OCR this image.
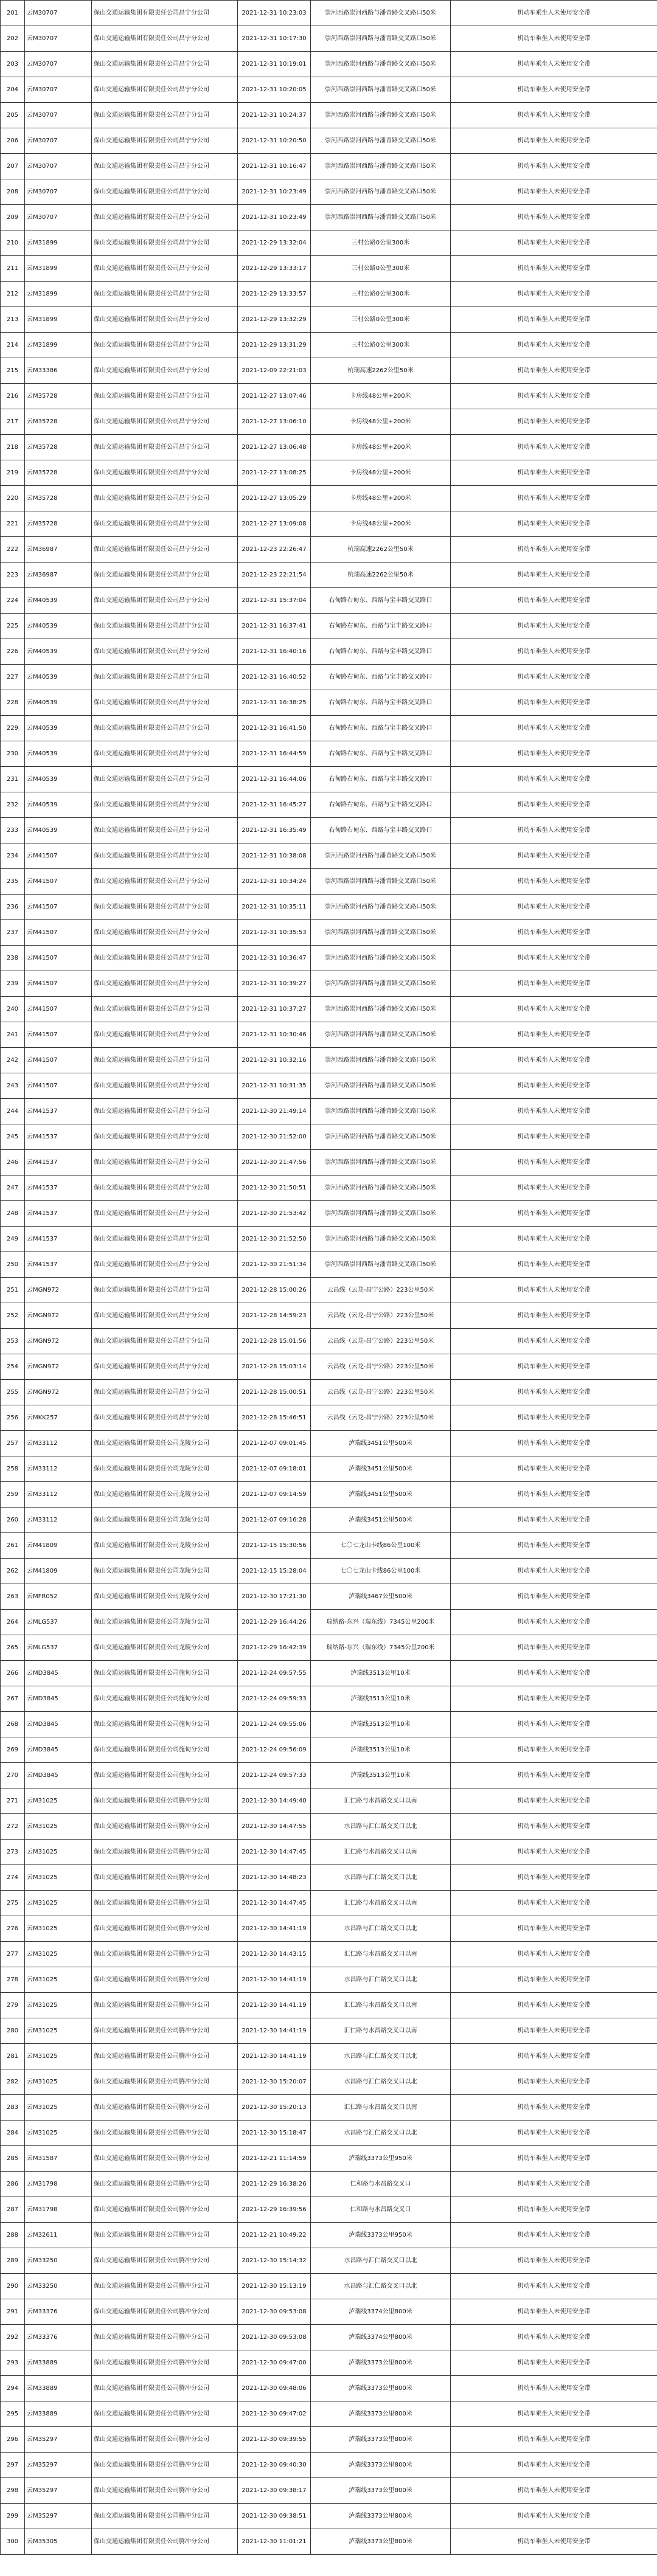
201	云M30707	保山交通运输集团有限责任公司昌宁分公司	2021-12-31 10:23:03	崇河西路崇河西路与潘青路交叉路口50米	机动车乘坐人未使用安全带
202	云M30707	保山交通运输集团有限责任公司昌宁分公司	2021-12-31 10:17:30	崇河西路崇河西路与潘青路交叉路口50米	机动车乘坐人未使用安全带
203	云M30707	保山交通运输集团有限责任公司昌宁分公司	2021-12-31 10:19:01	崇河西路崇河西路与潘青路交叉路口50米	机动车乘坐人未使用安全带
204	云M30707	保山交通运输集团有限责任公司昌宁分公司	2021-12-31 10:20:05	崇河西路崇河西路与潘青路交叉路口50米	机动车乘坐人未使用安全带
205	云M30707	保山交通运输集团有限责任公司昌宁分公司	2021-12-31 10:24:37	崇河西路崇河西路与潘青路交叉路口50米	机动车乘坐人未使用安全带
206	云M30707	保山交通运输集团有限责任公司昌宁分公司	2021-12-31 10:20:50	崇河西路崇河西路与潘青路交叉路口50米	机动车乘坐人未使用安全带
207	云M30707	保山交通运输集团有限责任公司昌宁分公司	2021-12-31 10:16:47	崇河西路崇河西路与潘青路交叉路口50米	机动车乘坐人未使用安全带
208	云M30707	保山交通运输集团有限责任公司昌宁分公司	2021-12-31 10:23:49	崇河西路崇河西路与潘青路交叉路口50米	机动车乘坐人未使用安全带
209	云M30707	保山交通运输集团有限责任公司昌宁分公司	2021-12-31 10:23:49	崇河西路崇河西路与潘青路交叉路口50米	机动车乘坐人未使用安全带
210	云M31899	保山交通运输集团有限责任公司昌宁分公司	2021-12-29 13:32:04	三村公路0公里300米	机动车乘坐人未使用安全带
211	云M31899	保山交通运输集团有限责任公司昌宁分公司	2021-12-29 13:33:17	三村公路0公里300米	机动车乘坐人未使用安全带
212	云M31899	保山交通运输集团有限责任公司昌宁分公司	2021-12-29 13:33:57	三村公路0公里300米	机动车乘坐人未使用安全带
213	云M31899	保山交通运输集团有限责任公司昌宁分公司	2021-12-29 13:32:29	三村公路0公里300米	机动车乘坐人未使用安全带
214	云M31899	保山交通运输集团有限责任公司昌宁分公司	2021-12-29 13:31:29	三村公路0公里300米	机动车乘坐人未使用安全带
215	云M33386	保山交通运输集团有限责任公司昌宁分公司	2021-12-09 22:21:03	杭瑞高速2262公里50米	机动车乘坐人未使用安全带
216	云M35728	保山交通运输集团有限责任公司昌宁分公司	2021-12-27 13:07:46	卡房线48公里+200米	机动车乘坐人未使用安全带
217	云M35728	保山交通运输集团有限责任公司昌宁分公司	2021-12-27 13:06:10	卡房线48公里+200米	机动车乘坐人未使用安全带
218	云M35728	保山交通运输集团有限责任公司昌宁分公司	2021-12-27 13:06:48	卡房线48公里+200米	机动车乘坐人未使用安全带
219	云M35728	保山交通运输集团有限责任公司昌宁分公司	2021-12-27 13:08:25	卡房线48公里+200米	机动车乘坐人未使用安全带
220	云M35728	保山交通运输集团有限责任公司昌宁分公司	2021-12-27 13:05:29	卡房线48公里+200米	机动车乘坐人未使用安全带
221	云M35728	保山交通运输集团有限责任公司昌宁分公司	2021-12-27 13:09:08	卡房线48公里+200米	机动车乘坐人未使用安全带
222	云M36987	保山交通运输集团有限责任公司昌宁分公司	2021-12-23 22:26:47	杭瑞高速2262公里50米	机动车乘坐人未使用安全带
223	云M36987	保山交通运输集团有限责任公司昌宁分公司	2021-12-23 22:21:54	杭瑞高速2262公里50米	机动车乘坐人未使用安全带
224	云M40539	保山交通运输集团有限责任公司昌宁分公司	2021-12-31 15:37:04	右甸路右甸东、西路与宝丰路交叉路口	机动车乘坐人未使用安全带
225	云M40539	保山交通运输集团有限责任公司昌宁分公司	2021-12-31 16:37:41	右甸路右甸东、西路与宝丰路交叉路口	机动车乘坐人未使用安全带
226	云M40539	保山交通运输集团有限责任公司昌宁分公司	2021-12-31 16:40:16	右甸路右甸东、西路与宝丰路交叉路口	机动车乘坐人未使用安全带
227	云M40539	保山交通运输集团有限责任公司昌宁分公司	2021-12-31 16:40:52	右甸路右甸东、西路与宝丰路交叉路口	机动车乘坐人未使用安全带
228	云M40539	保山交通运输集团有限责任公司昌宁分公司	2021-12-31 16:38:25	右甸路右甸东、西路与宝丰路交叉路口	机动车乘坐人未使用安全带
229	云M40539	保山交通运输集团有限责任公司昌宁分公司	2021-12-31 16:41:50	右甸路右甸东、西路与宝丰路交叉路口	机动车乘坐人未使用安全带
230	云M40539	保山交通运输集团有限责任公司昌宁分公司	2021-12-31 16:44:59	右甸路右甸东、西路与宝丰路交叉路口	机动车乘坐人未使用安全带
231	云M40539	保山交通运输集团有限责任公司昌宁分公司	2021-12-31 16:44:06	右甸路右甸东、西路与宝丰路交叉路口	机动车乘坐人未使用安全带
232	云M40539	保山交通运输集团有限责任公司昌宁分公司	2021-12-31 16:45:27	右甸路右甸东、西路与宝丰路交叉路口	机动车乘坐人未使用安全带
233	云M40539	保山交通运输集团有限责任公司昌宁分公司	2021-12-31 16:35:49	右甸路右甸东、西路与宝丰路交叉路口	机动车乘坐人未使用安全带
234	云M41507	保山交通运输集团有限责任公司昌宁分公司	2021-12-31 10:38:08	崇河西路崇河西路与潘青路交叉路口50米	机动车乘坐人未使用安全带
235	云M41507	保山交通运输集团有限责任公司昌宁分公司	2021-12-31 10:34:24	崇河西路崇河西路与潘青路交叉路口50米	机动车乘坐人未使用安全带
236	云M41507	保山交通运输集团有限责任公司昌宁分公司	2021-12-31 10:35:11	崇河西路崇河西路与潘青路交叉路口50米	机动车乘坐人未使用安全带
237	云M41507	保山交通运输集团有限责任公司昌宁分公司	2021-12-31 10:35:53	崇河西路崇河西路与潘青路交叉路口50米	机动车乘坐人未使用安全带
238	云M41507	保山交通运输集团有限责任公司昌宁分公司	2021-12-31 10:36:47	崇河西路崇河西路与潘青路交叉路口50米	机动车乘坐人未使用安全带
239	云M41507	保山交通运输集团有限责任公司昌宁分公司	2021-12-31 10:39:27	崇河西路崇河西路与潘青路交叉路口50米	机动车乘坐人未使用安全带
240	云M41507	保山交通运输集团有限责任公司昌宁分公司	2021-12-31 10:37:27	崇河西路崇河西路与潘青路交叉路口50米	机动车乘坐人未使用安全带
241	云M41507	保山交通运输集团有限责任公司昌宁分公司	2021-12-31 10:30:46	崇河西路崇河西路与潘青路交叉路口50米	机动车乘坐人未使用安全带
242	云M41507	保山交通运输集团有限责任公司昌宁分公司	2021-12-31 10:32:16	崇河西路崇河西路与潘青路交叉路口50米	机动车乘坐人未使用安全带
243	云M41507	保山交通运输集团有限责任公司昌宁分公司	2021-12-31 10:31:35	崇河西路崇河西路与潘青路交叉路口50米	机动车乘坐人未使用安全带
244	云M41537	保山交通运输集团有限责任公司昌宁分公司	2021-12-30 21:49:14	崇河西路崇河西路与潘青路交叉路口50米	机动车乘坐人未使用安全带
245	云M41537	保山交通运输集团有限责任公司昌宁分公司	2021-12-30 21:52:00	崇河西路崇河西路与潘青路交叉路口50米	机动车乘坐人未使用安全带
246	云M41537	保山交通运输集团有限责任公司昌宁分公司	2021-12-30 21:47:56	崇河西路崇河西路与潘青路交叉路口50米	机动车乘坐人未使用安全带
247	云M41537	保山交通运输集团有限责任公司昌宁分公司	2021-12-30 21:50:51	崇河西路崇河西路与潘青路交叉路口50米	机动车乘坐人未使用安全带
248	云M41537	保山交通运输集团有限责任公司昌宁分公司	2021-12-30 21:53:42	崇河西路崇河西路与潘青路交叉路口50米	机动车乘坐人未使用安全带
249	云M41537	保山交通运输集团有限责任公司昌宁分公司	2021-12-30 21:52:50	崇河西路崇河西路与潘青路交叉路口50米	机动车乘坐人未使用安全带
250	云M41537	保山交通运输集团有限责任公司昌宁分公司	2021-12-30 21:51:34	崇河西路崇河西路与潘青路交叉路口50米	机动车乘坐人未使用安全带
251	云MGN972	保山交通运输集团有限责任公司昌宁分公司	2021-12-28 15:00:26	云昌线（云龙-昌宁公路）223公里50米	机动车乘坐人未使用安全带
252	云MGN972	保山交通运输集团有限责任公司昌宁分公司	2021-12-28 14:59:23	云昌线（云龙-昌宁公路）223公里50米	机动车乘坐人未使用安全带
253	云MGN972	保山交通运输集团有限责任公司昌宁分公司	2021-12-28 15:01:56	云昌线（云龙-昌宁公路）223公里50米	机动车乘坐人未使用安全带
254	云MGN972	保山交通运输集团有限责任公司昌宁分公司	2021-12-28 15:03:14	云昌线（云龙-昌宁公路）223公里50米	机动车乘坐人未使用安全带
255	云MGN972	保山交通运输集团有限责任公司昌宁分公司	2021-12-28 15:00:51	云昌线（云龙-昌宁公路）223公里50米	机动车乘坐人未使用安全带
256	云MKK257	保山交通运输集团有限责任公司昌宁分公司	2021-12-28 15:46:51	云昌线（云龙-昌宁公路）223公里50米	机动车乘坐人未使用安全带
257	云M33112	保山交通运输集团有限责任公司龙陵分公司	2021-12-07 09:01:45	泸瑞线3451公里500米	机动车乘坐人未使用安全带
258	云M33112	保山交通运输集团有限责任公司龙陵分公司	2021-12-07 09:18:01	泸瑞线3451公里500米	机动车乘坐人未使用安全带
259	云M33112	保山交通运输集团有限责任公司龙陵分公司	2021-12-07 09:14:59	泸瑞线3451公里500米	机动车乘坐人未使用安全带
260	云M33112	保山交通运输集团有限责任公司龙陵分公司	2021-12-07 09:16:28	泸瑞线3451公里500米	机动车乘坐人未使用安全带
261	云M41809	保山交通运输集团有限责任公司龙陵分公司	2021-12-15 15:30:56	七〇七龙山卡线86公里100米	机动车乘坐人未使用安全带
262	云M41809	保山交通运输集团有限责任公司龙陵分公司	2021-12-15 15:28:04	七〇七龙山卡线86公里100米	机动车乘坐人未使用安全带
263	云MFR052	保山交通运输集团有限责任公司龙陵分公司	2021-12-30 17:21:30	泸瑞线3467公里500米	机动车乘坐人未使用安全带
264	云MLG537	保山交通运输集团有限责任公司龙陵分公司	2021-12-29 16:44:26	瑞纳路-东兴（瑞东线）7345公里200米	机动车乘坐人未使用安全带
265	云MLG537	保山交通运输集团有限责任公司龙陵分公司	2021-12-29 16:42:39	瑞纳路-东兴（瑞东线）7345公里200米	机动车乘坐人未使用安全带
266	云MD3845	保山交通运输集团有限责任公司施甸分公司	2021-12-24 09:57:55	泸瑞线3513公里10米	机动车乘坐人未使用安全带
267	云MD3845	保山交通运输集团有限责任公司施甸分公司	2021-12-24 09:59:33	泸瑞线3513公里10米	机动车乘坐人未使用安全带
268	云MD3845	保山交通运输集团有限责任公司施甸分公司	2021-12-24 09:55:06	泸瑞线3513公里10米	机动车乘坐人未使用安全带
269	云MD3845	保山交通运输集团有限责任公司施甸分公司	2021-12-24 09:56:09	泸瑞线3513公里10米	机动车乘坐人未使用安全带
270	云MD3845	保山交通运输集团有限责任公司施甸分公司	2021-12-24 09:57:33	泸瑞线3513公里10米	机动车乘坐人未使用安全带
271	云M31025	保山交通运输集团有限责任公司腾冲分公司	2021-12-30 14:49:40	汇仁路与水昌路交叉口以南	机动车乘坐人未使用安全带
272	云M31025	保山交通运输集团有限责任公司腾冲分公司	2021-12-30 14:47:55	水昌路与汇仁路交叉口以北	机动车乘坐人未使用安全带
273	云M31025	保山交通运输集团有限责任公司腾冲分公司	2021-12-30 14:47:45	汇仁路与水昌路交叉口以南	机动车乘坐人未使用安全带
274	云M31025	保山交通运输集团有限责任公司腾冲分公司	2021-12-30 14:48:23	水昌路与汇仁路交叉口以北	机动车乘坐人未使用安全带
275	云M31025	保山交通运输集团有限责任公司腾冲分公司	2021-12-30 14:47:45	汇仁路与水昌路交叉口以南	机动车乘坐人未使用安全带
276	云M31025	保山交通运输集团有限责任公司腾冲分公司	2021-12-30 14:41:19	水昌路与汇仁路交叉口以北	机动车乘坐人未使用安全带
277	云M31025	保山交通运输集团有限责任公司腾冲分公司	2021-12-30 14:43:15	汇仁路与水昌路交叉口以南	机动车乘坐人未使用安全带
278	云M31025	保山交通运输集团有限责任公司腾冲分公司	2021-12-30 14:41:19	水昌路与汇仁路交叉口以北	机动车乘坐人未使用安全带
279	云M31025	保山交通运输集团有限责任公司腾冲分公司	2021-12-30 14:41:19	汇仁路与水昌路交叉口以南	机动车乘坐人未使用安全带
280	云M31025	保山交通运输集团有限责任公司腾冲分公司	2021-12-30 14:41:19	汇仁路与水昌路交叉口以南	机动车乘坐人未使用安全带
281	云M31025	保山交通运输集团有限责任公司腾冲分公司	2021-12-30 14:41:19	水昌路与汇仁路交叉口以北	机动车乘坐人未使用安全带
282	云M31025	保山交通运输集团有限责任公司腾冲分公司	2021-12-30 15:20:07	水昌路与汇仁路交叉口以北	机动车乘坐人未使用安全带
283	云M31025	保山交通运输集团有限责任公司腾冲分公司	2021-12-30 15:20:13	汇仁路与水昌路交叉口以南	机动车乘坐人未使用安全带
284	云M31025	保山交通运输集团有限责任公司腾冲分公司	2021-12-30 15:18:47	水昌路与汇仁路交叉口以北	机动车乘坐人未使用安全带
285	云M31587	保山交通运输集团有限责任公司腾冲分公司	2021-12-21 11:14:59	泸瑞线3373公里950米	机动车乘坐人未使用安全带
286	云M31798	保山交通运输集团有限责任公司腾冲分公司	2021-12-29 16:38:26	仁和路与水昌路交叉口	机动车乘坐人未使用安全带
287	云M31798	保山交通运输集团有限责任公司腾冲分公司	2021-12-29 16:39:56	仁和路与水昌路交叉口	机动车乘坐人未使用安全带
288	云M32611	保山交通运输集团有限责任公司腾冲分公司	2021-12-21 10:49:22	泸瑞线3373公里950米	机动车乘坐人未使用安全带
289	云M33250	保山交通运输集团有限责任公司腾冲分公司	2021-12-30 15:14:32	水昌路与汇仁路交叉口以北	机动车乘坐人未使用安全带
290	云M33250	保山交通运输集团有限责任公司腾冲分公司	2021-12-30 15:13:19	水昌路与汇仁路交叉口以北	机动车乘坐人未使用安全带
291	云M33376	保山交通运输集团有限责任公司腾冲分公司	2021-12-30 09:53:08	泸瑞线3374公里800米	机动车乘坐人未使用安全带
292	云M33376	保山交通运输集团有限责任公司腾冲分公司	2021-12-30 09:53:08	泸瑞线3374公里800米	机动车乘坐人未使用安全带
293	云M33889	保山交通运输集团有限责任公司腾冲分公司	2021-12-30 09:47:00	泸瑞线3373公里800米	机动车乘坐人未使用安全带
294	云M33889	保山交通运输集团有限责任公司腾冲分公司	2021-12-30 09:48:06	泸瑞线3373公里800米	机动车乘坐人未使用安全带
295	云M33889	保山交通运输集团有限责任公司腾冲分公司	2021-12-30 09:47:02	泸瑞线3373公里800米	机动车乘坐人未使用安全带
296	云M35297	保山交通运输集团有限责任公司腾冲分公司	2021-12-30 09:39:55	泸瑞线3373公里800米	机动车乘坐人未使用安全带
297	云M35297	保山交通运输集团有限责任公司腾冲分公司	2021-12-30 09:40:30	泸瑞线3373公里800米	机动车乘坐人未使用安全带
298	云M35297	保山交通运输集团有限责任公司腾冲分公司	2021-12-30 09:38:17	泸瑞线3373公里800米	机动车乘坐人未使用安全带
299	云M35297	保山交通运输集团有限责任公司腾冲分公司	2021-12-30 09:38:51	泸瑞线3373公里800米	机动车乘坐人未使用安全带
300	云M35305	保山交通运输集团有限责任公司腾冲分公司	2021-12-30 11:01:21	泸瑞线3373公里800米	机动车乘坐人未使用安全带
